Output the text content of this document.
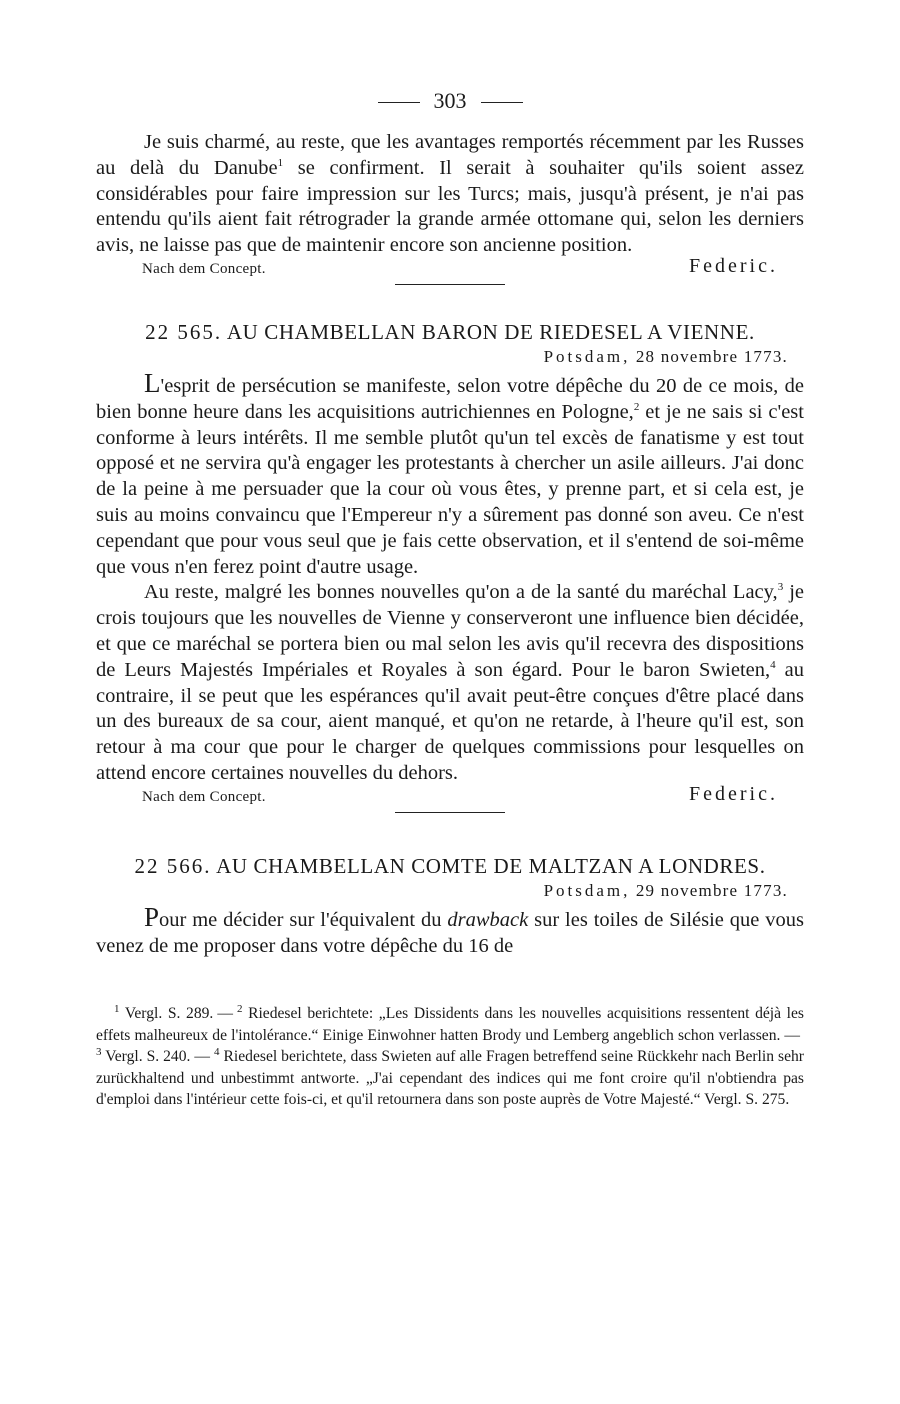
303

Je suis charmé, au reste, que les avantages remportés récemment par les Russes au delà du Danube$^1$ se confirment. Il serait à souhaiter qu'ils soient assez considérables pour faire impression sur les Turcs; mais, jusqu'à présent, je n'ai pas entendu qu'ils aient fait rétrograder la grande armée ottomane qui, selon les derniers avis, ne laisse pas que de maintenir encore son ancienne position.

Nach dem Concept.	Federic.
22 565. AU CHAMBELLAN BARON DE RIEDESEL A VIENNE.
Potsdam, 28 novembre 1773.

L'esprit de persécution se manifeste, selon votre dépêche du 20 de ce mois, de bien bonne heure dans les acquisitions autrichiennes en Pologne,$^2$ et je ne sais si c'est conforme à leurs intérêts. Il me semble plutôt qu'un tel excès de fanatisme y est tout opposé et ne servira qu'à engager les protestants à chercher un asile ailleurs. J'ai donc de la peine à me persuader que la cour où vous êtes, y prenne part, et si cela est, je suis au moins convaincu que l'Empereur n'y a sûrement pas donné son aveu. Ce n'est cependant que pour vous seul que je fais cette observation, et il s'entend de soi-même que vous n'en ferez point d'autre usage.

Au reste, malgré les bonnes nouvelles qu'on a de la santé du maréchal Lacy,$^3$ je crois toujours que les nouvelles de Vienne y conserveront une influence bien décidée, et que ce maréchal se portera bien ou mal selon les avis qu'il recevra des dispositions de Leurs Majestés Impériales et Royales à son égard. Pour le baron Swieten,$^4$ au contraire, il se peut que les espérances qu'il avait peut-être conçues d'être placé dans un des bureaux de sa cour, aient manqué, et qu'on ne retarde, à l'heure qu'il est, son retour à ma cour que pour le charger de quelques commissions pour lesquelles on attend encore certaines nouvelles du dehors.

Nach dem Concept.	Federic.
22 566. AU CHAMBELLAN COMTE DE MALTZAN A LONDRES.
Potsdam, 29 novembre 1773.

Pour me décider sur l'équivalent du drawback sur les toiles de Silésie que vous venez de me proposer dans votre dépêche du 16 de

$^1$ Vergl. S. 289. — $^2$ Riedesel berichtete: „Les Dissidents dans les nouvelles acquisitions ressentent déjà les effets malheureux de l'intolérance.“ Einige Einwohner hatten Brody und Lemberg angeblich schon verlassen. —$^3$ Vergl. S. 240. — $^4$ Riedesel berichtete, dass Swieten auf alle Fragen betreffend seine Rückkehr nach Berlin sehr zurückhaltend und unbestimmt antworte. „J'ai cependant des indices qui me font croire qu'il n'obtiendra pas d'emploi dans l'intérieur cette fois-ci, et qu'il retournera dans son poste auprès de Votre Majesté.“ Vergl. S. 275.
